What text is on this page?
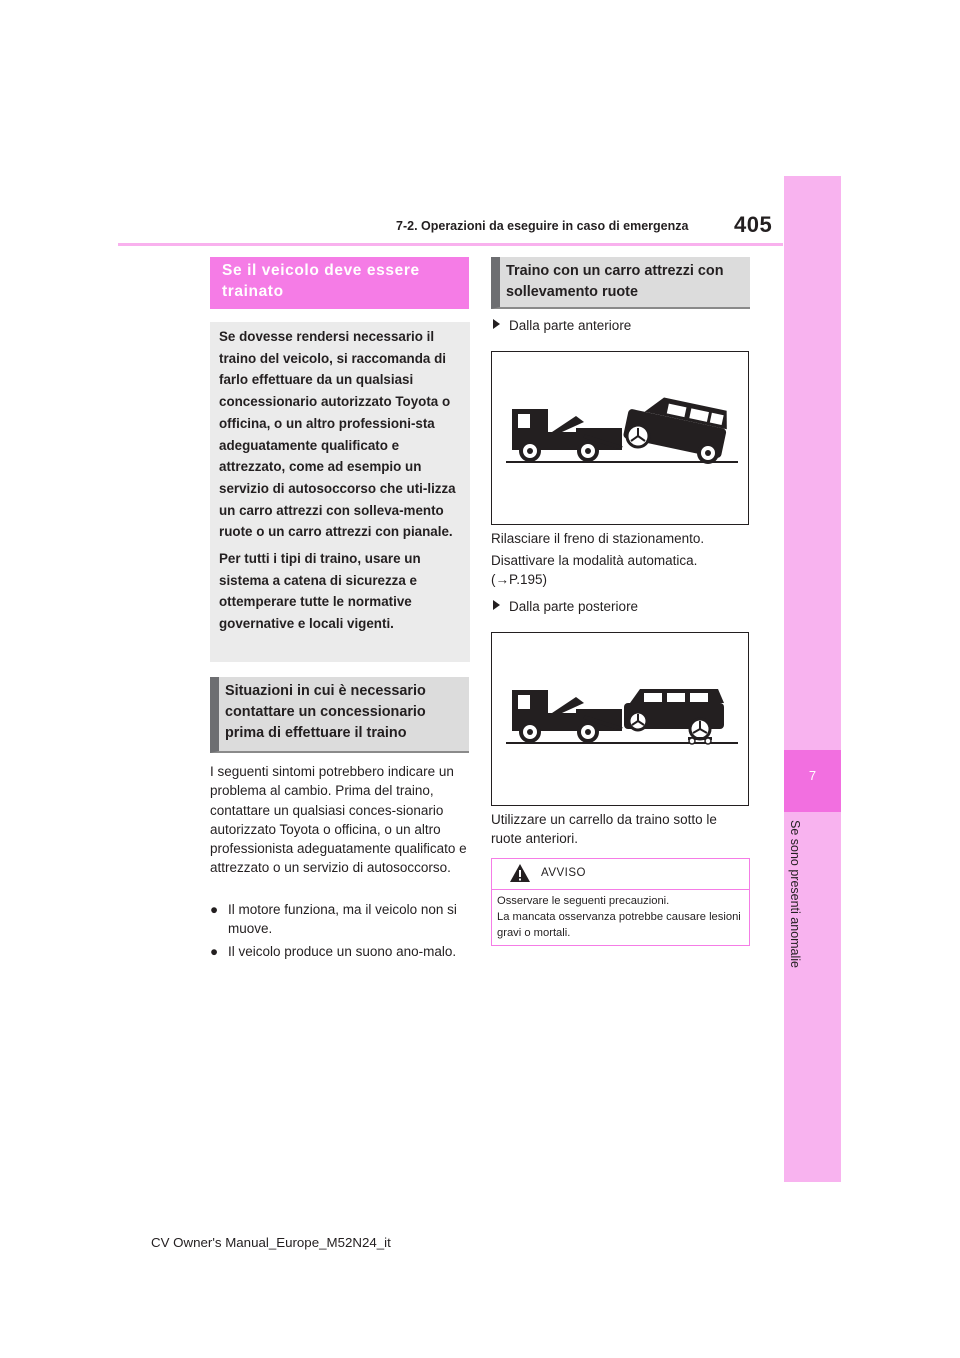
7-2. Operazioni da eseguire in caso di emergenza 405
7
Se sono presenti anomalie
Se il veicolo deve essere trainato

Se dovesse rendersi necessario il traino del veicolo, si raccomanda di farlo effettuare da un qualsiasi concessionario autorizzato Toyota o officina, o un altro professioni-sta adeguatamente qualificato e attrezzato, come ad esempio un servizio di autosoccorso che uti-lizza un carro attrezzi con solleva-mento ruote o un carro attrezzi con pianale.

Per tutti i tipi di traino, usare un sistema a catena di sicurezza e ottemperare tutte le normative governative e locali vigenti.

Situazioni in cui è necessario contattare un concessionario prima di effettuare il traino
I seguenti sintomi potrebbero indicare un problema al cambio. Prima del traino, contattare un qualsiasi conces-sionario autorizzato Toyota o officina, o un altro professionista adeguatamente qualificato e attrezzato o un servizio di autosoccorso.
● Il motore funziona, ma il veicolo non si muove.
● Il veicolo produce un suono ano-malo.
Traino con un carro attrezzi con sollevamento ruote
Dalla parte anteriore
Rilasciare il freno di stazionamento.
Disattivare la modalità automatica. (→P.195)
Dalla parte posteriore
Utilizzare un carrello da traino sotto le ruote anteriori.
AVVISO
Osservare le seguenti precauzioni.
La mancata osservanza potrebbe causare lesioni gravi o mortali.
CV Owner's Manual_Europe_M52N24_it
